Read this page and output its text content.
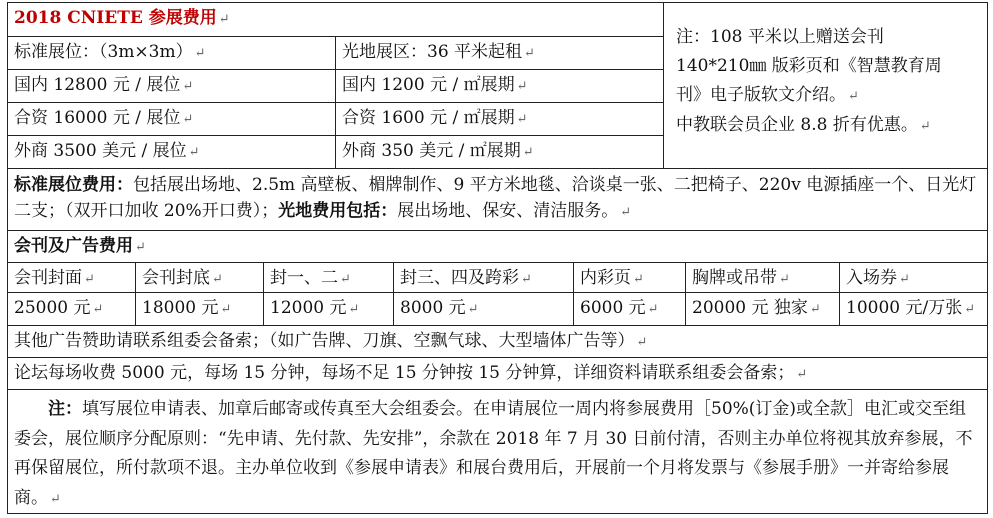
2018 CNIETE 参展费用 ↵
标准展位：（3m×3m） ↵	光地展区：36 平米起租 ↵
国内 12800 元 / 展位 ↵	国内 1200 元 / ㎡展期 ↵
合资 16000 元 / 展位 ↵	合资 1600 元 / ㎡展期 ↵
外商 3500 美元 / 展位 ↵	外商 350 美元 / ㎡展期 ↵
注：108 平米以上赠送会刊
140*210㎜ 版彩页和《智慧教育周
刊》电子版软文介绍。 ↵
中教联会员企业 8.8 折有优惠。 ↵
标准展位费用：包括展出场地、2.5m 高壁板、楣牌制作、9 平方米地毯、洽谈桌一张、二把椅子、220v 电源插座一个、日光灯二支；（双开口加收 20%开口费）；光地费用包括：展出场地、保安、清洁服务。 ↵
会刊及广告费用 ↵
会刊封面 ↵	会刊封底 ↵	封一、二 ↵	封三、四及跨彩 ↵	内彩页 ↵	胸牌或吊带 ↵	入场券 ↵
25000 元 ↵	18000 元 ↵	12000 元 ↵	8000 元 ↵	6000 元 ↵	20000 元 独家 ↵	10000 元/万张 ↵
其他广告赞助请联系组委会备索；（如广告牌、刀旗、空飘气球、大型墙体广告等） ↵
论坛每场收费 5000 元，每场 15 分钟，每场不足 15 分钟按 15 分钟算，详细资料请联系组委会备索； ↵
注：填写展位申请表、加章后邮寄或传真至大会组委会。在申请展位一周内将参展费用［50%(订金)或全款］电汇或交至组委会，展位顺序分配原则：“先申请、先付款、先安排”，余款在 2018 年 7 月 30 日前付清，否则主办单位将视其放弃参展，不再保留展位，所付款项不退。主办单位收到《参展申请表》和展台费用后，开展前一个月将发票与《参展手册》一并寄给参展商。 ↵
